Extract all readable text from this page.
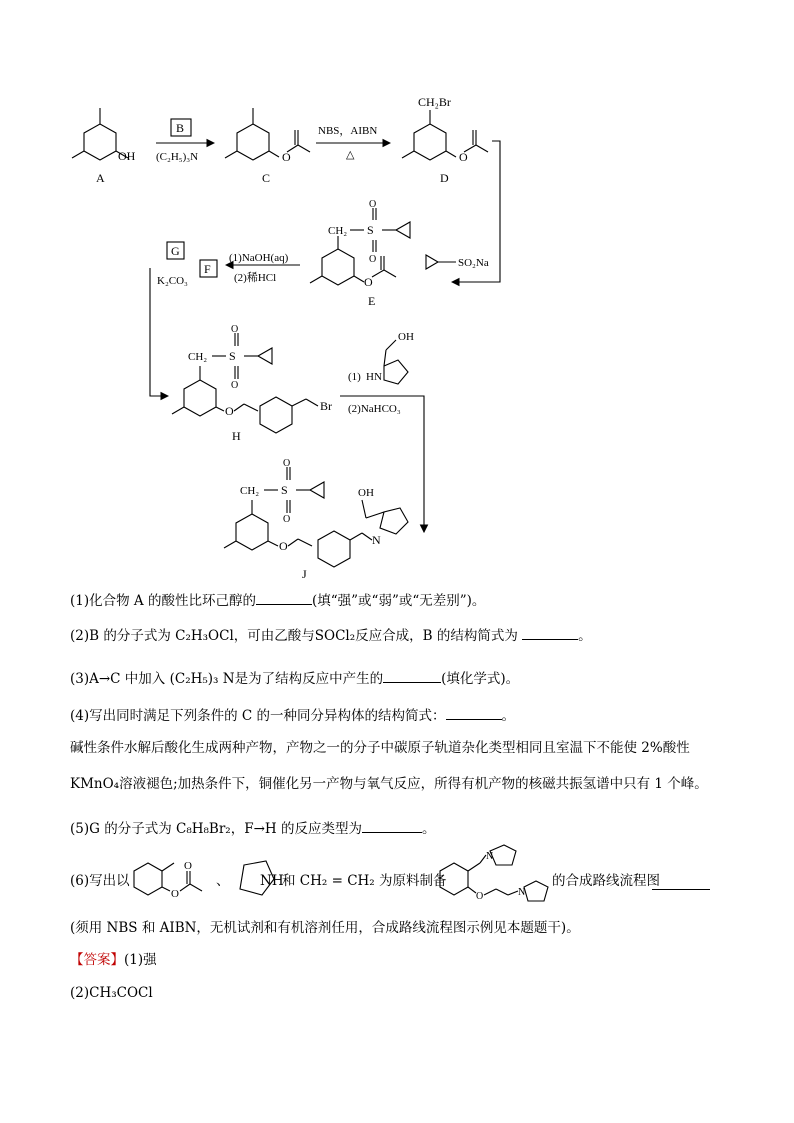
OH
A
B
(C₂H₅)₃N	O
C
NBS，AIBN
△
CH₂Br
O
D
SO₂Na
CH₂ S
O
O
O
E
(1)NaOH(aq)
(2)稀HCl
G
F
K₂CO₃
CH₂ S
O
O
O	Br
H
(1) HN
OH
(2)NaHCO₃
CH₂ S
O
O
O	N
OH
J
(1)化合物 A 的酸性比环己醇的	(填“强”或“弱”或“无差别”)。
(2)B 的分子式为 C₂H₃OCl，可由乙酸与SOCl₂反应合成，B 的结构简式为	。
(3)A→C 中加入 (C₂H₅)₃ N是为了结构反应中产生的	(填化学式)。
(4)写出同时满足下列条件的 C 的一种同分异构体的结构简式：	。
碱性条件水解后酸化生成两种产物，产物之一的分子中碳原子轨道杂化类型相同且室温下不能使 2%酸性
KMnO₄溶液褪色;加热条件下，铜催化另一产物与氧气反应，所得有机产物的核磁共振氢谱中只有 1 个峰。
(5)G 的分子式为 C₈H₈Br₂，F→H 的反应类型为	。
(6)写出以
O
O
、 NH
和 CH₂ = CH₂ 为原料制备
N
O	N
的合成路线流程图
(须用 NBS 和 AIBN，无机试剂和有机溶剂任用，合成路线流程图示例见本题题干)。
【答案】(1)强
(2)CH₃COCl
